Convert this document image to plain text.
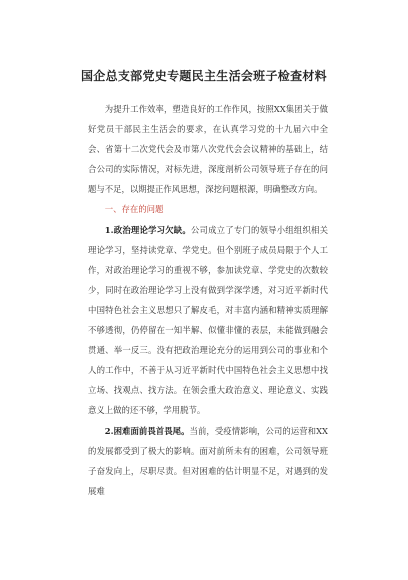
国企总支部党史专题民主生活会班子检查材料

为提升工作效率，塑造良好的工作作风，按照XX集团关于做好党员干部民主生活会的要求，在认真学习党的十九届六中全会、省第十二次党代会及市第八次党代会会议精神的基础上，结合公司的实际情况，对标先进，深度剖析公司领导班子存在的问题与不足，以期提正作风思想，深挖问题根源，明确整改方向。

一、存在的问题

1.政治理论学习欠缺。公司成立了专门的领导小组组织相关理论学习，坚持读党章、学党史。但个别班子成员局限于个人工作，对政治理论学习的重视不够，参加读党章、学党史的次数较少，同时在政治理论学习上没有做到学深学透，对习近平新时代中国特色社会主义思想只了解皮毛，对丰富内涵和精神实质理解不够透彻，仍停留在一知半解、似懂非懂的表层，未能做到融会贯通、举一反三。没有把政治理论充分的运用到公司的事业和个人的工作中，不善于从习近平新时代中国特色社会主义思想中找立场、找观点、找方法。在领会重大政治意义、理论意义、实践意义上做的还不够，学用脱节。

2.困难面前畏首畏尾。当前，受疫情影响，公司的运营和XX的发展都受到了极大的影响。面对前所未有的困难，公司领导班子奋发向上，尽职尽责。但对困难的估计明显不足，对遇到的发展难
